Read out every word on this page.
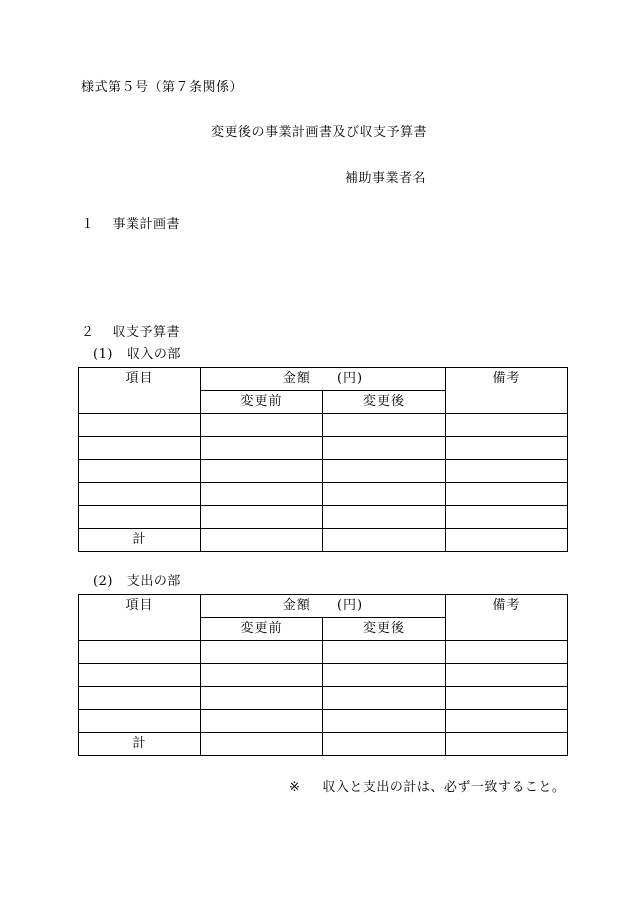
様式第５号（第７条関係）
変更後の事業計画書及び収支予算書
補助事業者名
１ 事業計画書
２ 収支予算書
(1) 収入の部
項目	金額 (円)		備考
	変更前	変更後	

計			
(2) 支出の部
項目	金額 (円)		備考
	変更前	変更後	

計			
※ 収入と支出の計は、必ず一致すること。
